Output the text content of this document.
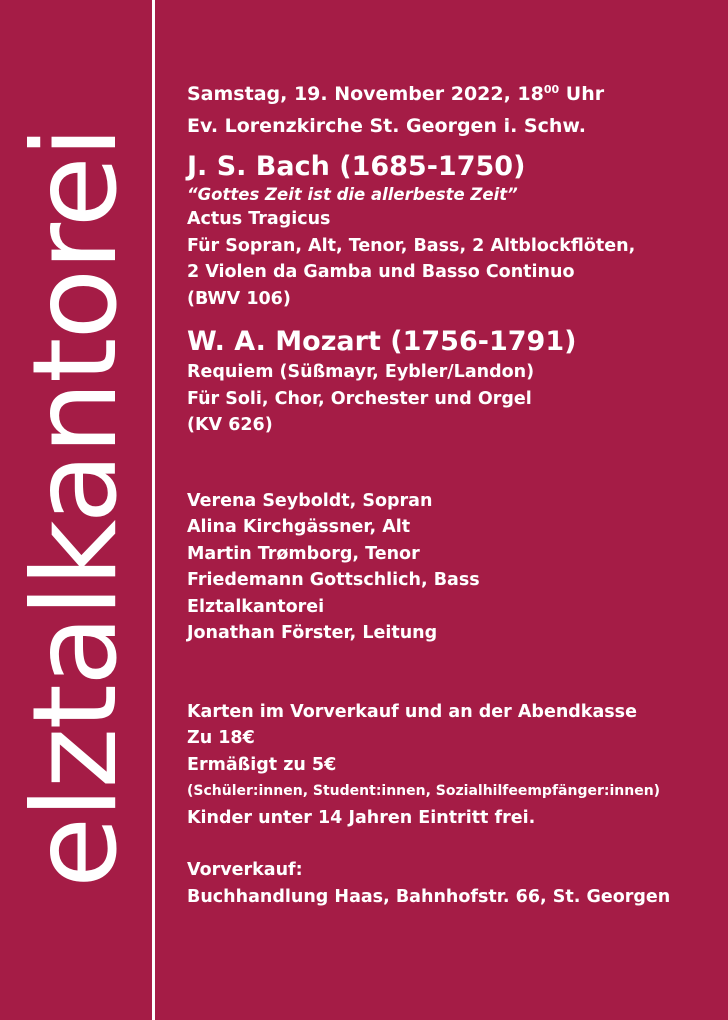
elztalkantorei
Samstag, 19. November 2022, $18^{00}$ Uhr
Ev. Lorenzkirche St. Georgen i. Schw.
J. S. Bach (1685-1750)
“Gottes Zeit ist die allerbeste Zeit”
Actus Tragicus
Für Sopran, Alt, Tenor, Bass, 2 Altblockflöten,
2 Violen da Gamba und Basso Continuo
(BWV 106)
W. A. Mozart (1756-1791)
Requiem (Süßmayr, Eybler/Landon)
Für Soli, Chor, Orchester und Orgel
(KV 626)
Verena Seyboldt, Sopran
Alina Kirchgässner, Alt
Martin Trømborg, Tenor
Friedemann Gottschlich, Bass
Elztalkantorei
Jonathan Förster, Leitung
Karten im Vorverkauf und an der Abendkasse
Zu 18€
Ermäßigt zu 5€
(Schüler:innen, Student:innen, Sozialhilfeempfänger:innen)
Kinder unter 14 Jahren Eintritt frei.
Vorverkauf:
Buchhandlung Haas, Bahnhofstr. 66, St. Georgen
